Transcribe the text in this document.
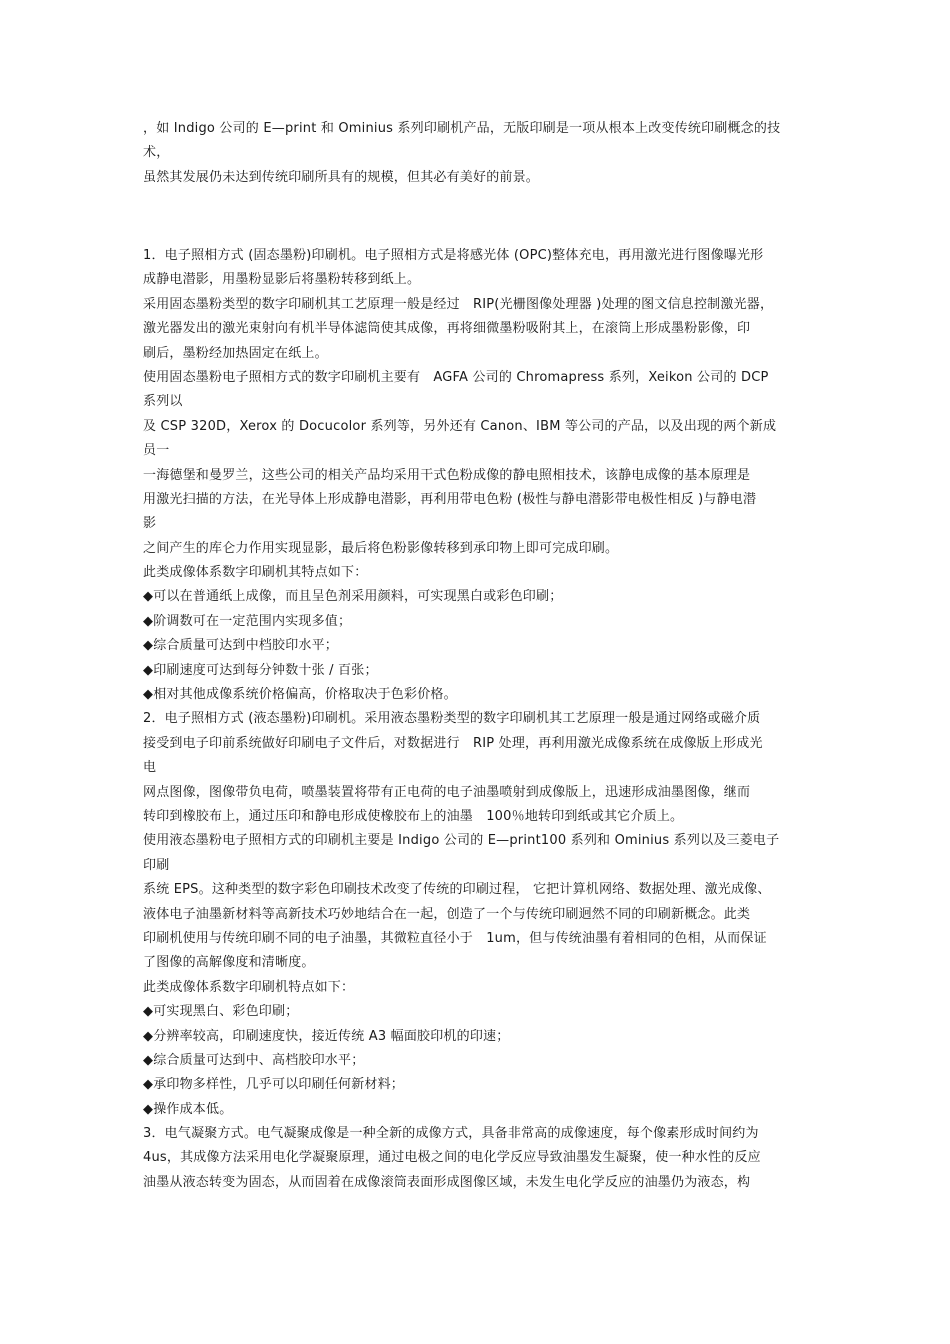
，如 Indigo 公司的 E—print 和 Ominius 系列印刷机产品，无版印刷是一项从根本上改变传统印刷概念的技
术，
虽然其发展仍未达到传统印刷所具有的规模，但其必有美好的前景。
1．电子照相方式 (固态墨粉)印刷机。电子照相方式是将感光体 (OPC)整体充电，再用激光进行图像曝光形
成静电潜影，用墨粉显影后将墨粉转移到纸上。
采用固态墨粉类型的数字印刷机其工艺原理一般是经过　RIP(光栅图像处理器 )处理的图文信息控制激光器，
激光器发出的激光束射向有机半导体滤筒使其成像，再将细微墨粉吸附其上，在滚筒上形成墨粉影像，印
刷后，墨粉经加热固定在纸上。
使用固态墨粉电子照相方式的数字印刷机主要有　AGFA 公司的 Chromapress 系列，Xeikon 公司的 DCP
系列以
及 CSP 320D，Xerox 的 Docucolor 系列等，另外还有 Canon、IBM 等公司的产品，以及出现的两个新成
员一
一海德堡和曼罗兰，这些公司的相关产品均采用干式色粉成像的静电照相技术，该静电成像的基本原理是
用激光扫描的方法，在光导体上形成静电潜影，再利用带电色粉 (极性与静电潜影带电极性相反 )与静电潜
影
之间产生的库仑力作用实现显影，最后将色粉影像转移到承印物上即可完成印刷。
此类成像体系数字印刷机其特点如下：
◆可以在普通纸上成像，而且呈色剂采用颜料，可实现黑白或彩色印刷；
◆阶调数可在一定范围内实现多值；
◆综合质量可达到中档胶印水平；
◆印刷速度可达到每分钟数十张 / 百张；
◆相对其他成像系统价格偏高，价格取决于色彩价格。
2．电子照相方式 (液态墨粉)印刷机。采用液态墨粉类型的数字印刷机其工艺原理一般是通过网络或磁介质
接受到电子印前系统做好印刷电子文件后，对数据进行　RIP 处理，再利用激光成像系统在成像版上形成光
电
网点图像，图像带负电荷，喷墨装置将带有正电荷的电子油墨喷射到成像版上，迅速形成油墨图像，继而
转印到橡胶布上，通过压印和静电形成使橡胶布上的油墨　100％地转印到纸或其它介质上。
使用液态墨粉电子照相方式的印刷机主要是 Indigo 公司的 E—print100 系列和 Ominius 系列以及三菱电子
印刷
系统 EPS。这种类型的数字彩色印刷技术改变了传统的印刷过程， 它把计算机网络、数据处理、激光成像、
液体电子油墨新材料等高新技术巧妙地结合在一起，创造了一个与传统印刷迥然不同的印刷新概念。此类
印刷机使用与传统印刷不同的电子油墨，其微粒直径小于　1um，但与传统油墨有着相同的色相，从而保证
了图像的高解像度和清晰度。
此类成像体系数字印刷机特点如下：
◆可实现黑白、彩色印刷；
◆分辨率较高，印刷速度快，接近传统 A3 幅面胶印机的印速；
◆综合质量可达到中、高档胶印水平；
◆承印物多样性，几乎可以印刷任何新材料；
◆操作成本低。
3．电气凝聚方式。电气凝聚成像是一种全新的成像方式，具备非常高的成像速度，每个像素形成时间约为
4us，其成像方法采用电化学凝聚原理，通过电极之间的电化学反应导致油墨发生凝聚，使一种水性的反应
油墨从液态转变为固态，从而固着在成像滚筒表面形成图像区域，未发生电化学反应的油墨仍为液态，构
